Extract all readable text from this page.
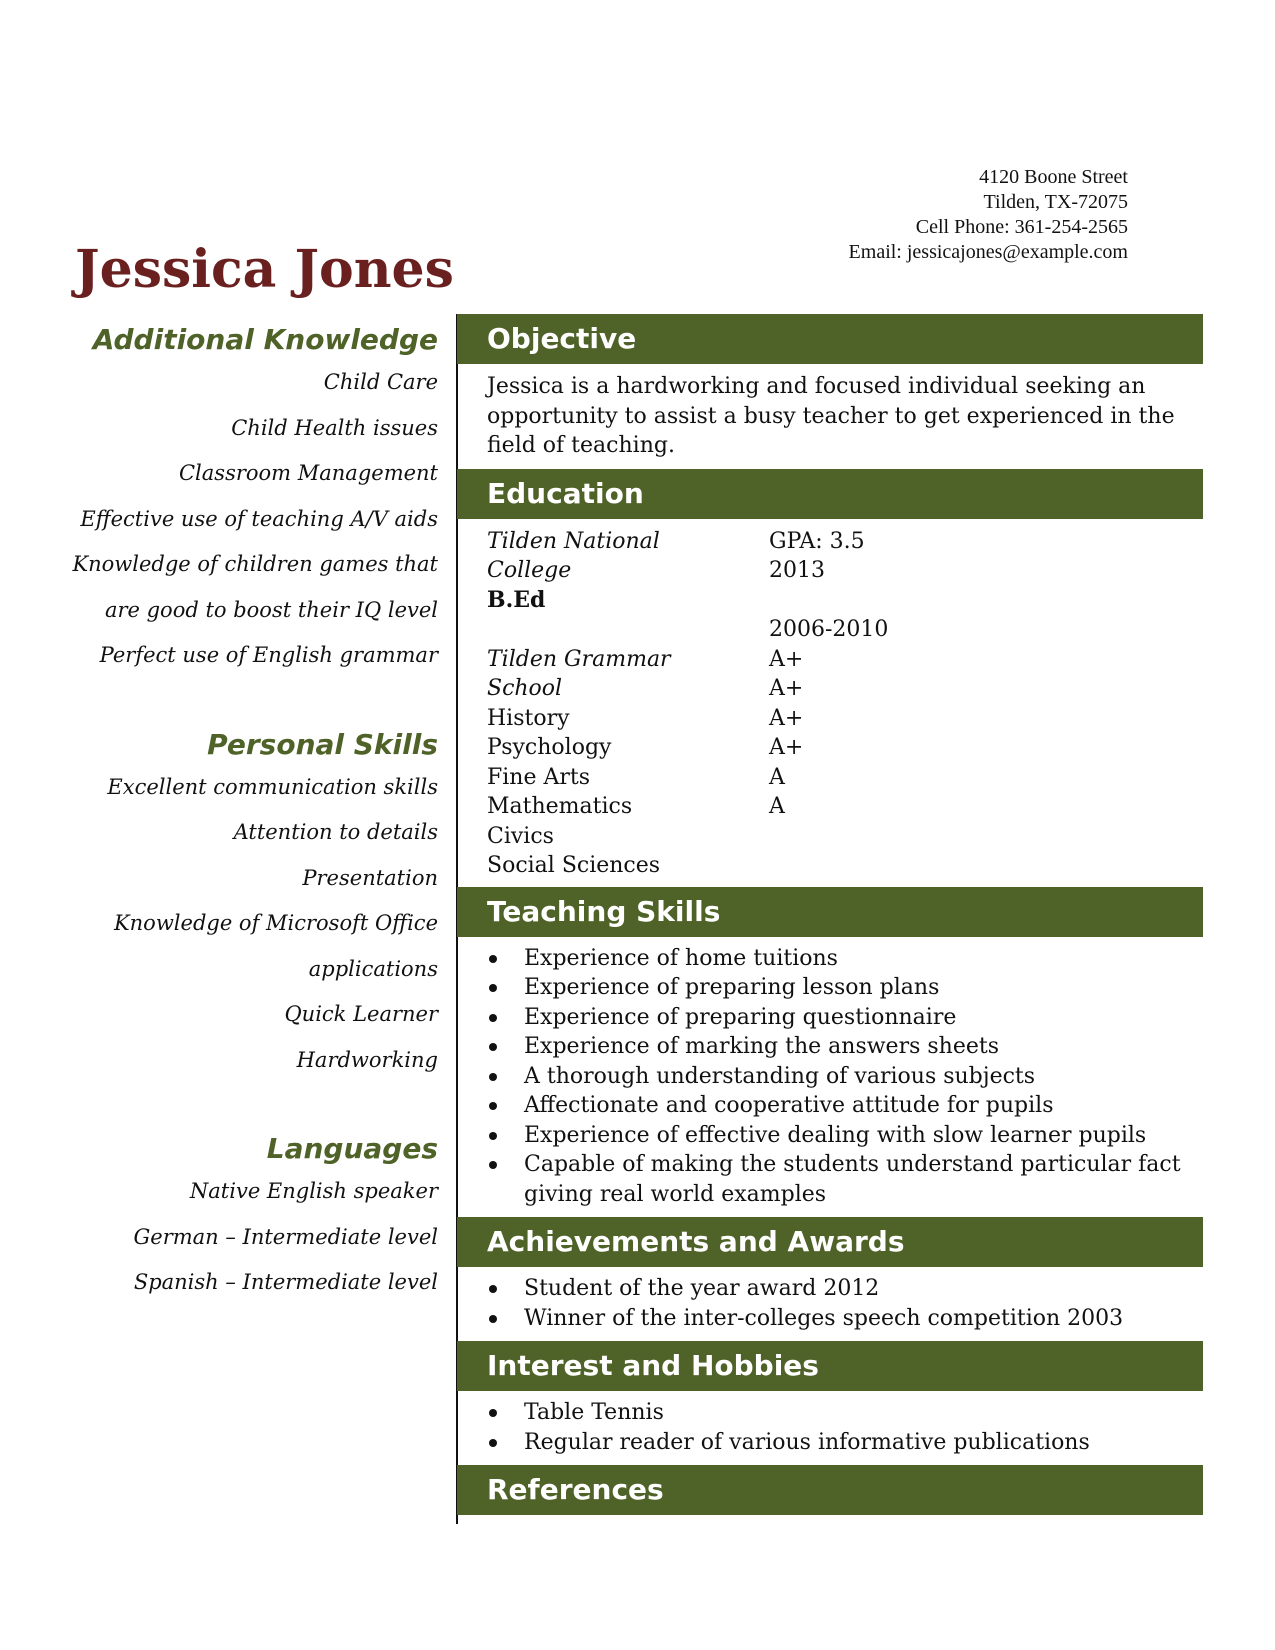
4120 Boone Street
Tilden, TX-72075
Cell Phone: 361-254-2565
Email: jessicajones@example.com
Jessica Jones
Additional Knowledge
Child Care
Child Health issues
Classroom Management
Effective use of teaching A/V aids
Knowledge of children games that
are good to boost their IQ level
Perfect use of English grammar
Personal Skills
Excellent communication skills
Attention to details
Presentation
Knowledge of Microsoft Office
applications
Quick Learner
Hardworking
Languages
Native English speaker
German – Intermediate level
Spanish – Intermediate level
Objective
Jessica is a hardworking and focused individual seeking an opportunity to assist a busy teacher to get experienced in the field of teaching.
Education
Tilden National	GPA: 3.5
College	2013
B.Ed
2006-2010
Tilden Grammar	A+
School	A+
History	A+
Psychology	A+
Fine Arts	A
Mathematics	A
Civics
Social Sciences
Teaching Skills
Experience of home tuitions
Experience of preparing lesson plans
Experience of preparing questionnaire
Experience of marking the answers sheets
A thorough understanding of various subjects
Affectionate and cooperative attitude for pupils
Experience of effective dealing with slow learner pupils
Capable of making the students understand particular fact giving real world examples
Achievements and Awards
Student of the year award 2012
Winner of the inter-colleges speech competition 2003
Interest and Hobbies
Table Tennis
Regular reader of various informative publications
References
